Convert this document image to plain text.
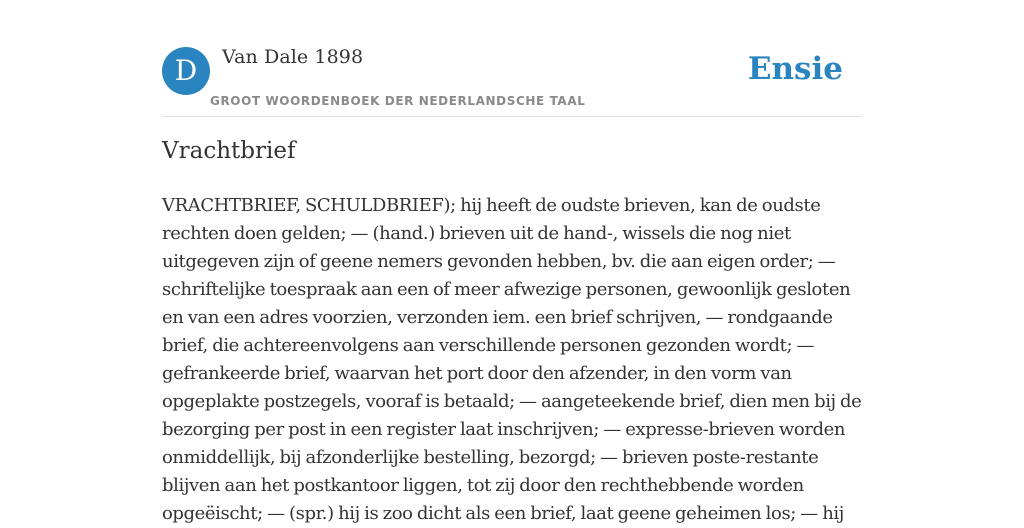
D	Van Dale 1898
GROOT WOORDENBOEK DER NEDERLANDSCHE TAAL
Ensie
Vrachtbrief

VRACHTBRIEF, SCHULDBRIEF); hij heeft de oudste brieven, kan de oudste rechten doen gelden; — (hand.) brieven uit de hand-, wissels die nog niet uitgegeven zijn of geene nemers gevonden hebben, bv. die aan eigen order; — schriftelijke toespraak aan een of meer afwezige personen, gewoonlijk gesloten en van een adres voorzien, verzonden iem. een brief schrijven, — rondgaande brief, die achtereenvolgens aan verschillende personen gezonden wordt; — gefrankeerde brief, waarvan het port door den afzender, in den vorm van opgeplakte postzegels, vooraf is betaald; — aangeteekende brief, dien men bij de bezorging per post in een register laat inschrijven; — expresse-brieven worden onmiddellijk, bij afzonderlijke bestelling, bezorgd; — brieven poste-restante blijven aan het postkantoor liggen, tot zij door den rechthebbende worden opgeëischt; — (spr.) hij is zoo dicht als een brief, laat geene geheimen los; — hij
